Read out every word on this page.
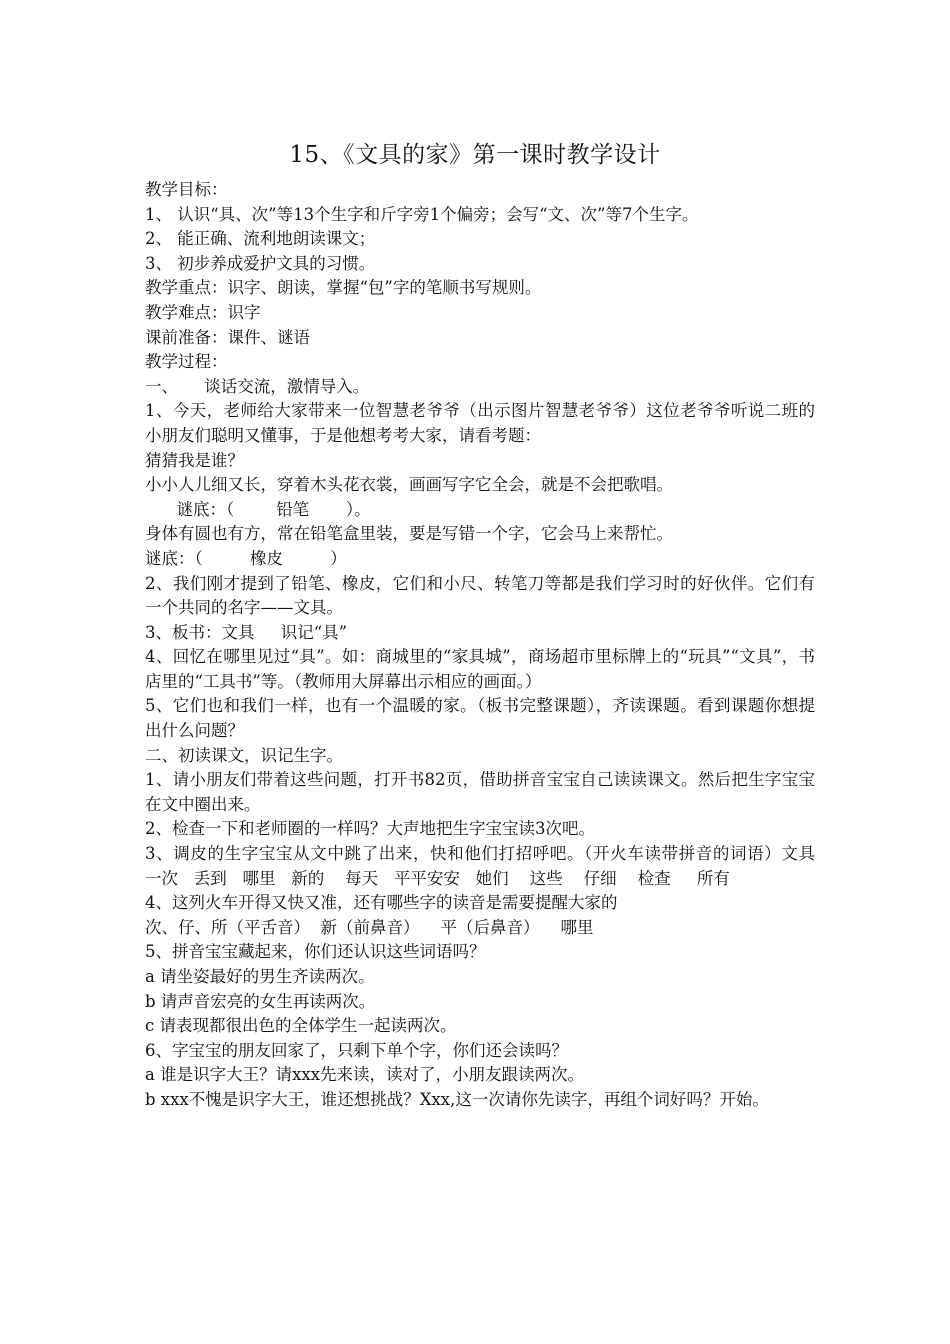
15、《文具的家》第一课时教学设计

教学目标：

1、 认识“具、次”等13个生字和斤字旁1个偏旁；会写“文、次”等7个生字。

2、 能正确、流利地朗读课文；

3、 初步养成爱护文具的习惯。

教学重点：识字、朗读，掌握“包”字的笔顺书写规则。

教学难点：识字

课前准备：课件、谜语

教学过程：

一、     谈话交流，激情导入。

1、今天，老师给大家带来一位智慧老爷爷（出示图片智慧老爷爷）这位老爷爷听说二班的小朋友们聪明又懂事，于是他想考考大家，请看考题：

猜猜我是谁？

小小人儿细又长，穿着木头花衣裳，画画写字它全会，就是不会把歌唱。

谜底：（        铅笔       ）。

身体有圆也有方，常在铅笔盒里装，要是写错一个字，它会马上来帮忙。

谜底：（         橡皮         ）

2、我们刚才提到了铅笔、橡皮，它们和小尺、转笔刀等都是我们学习时的好伙伴。它们有一个共同的名字——文具。

3、板书：文具     识记“具”

4、回忆在哪里见过“具”。如：商城里的“家具城”，商场超市里标牌上的“玩具”“文具”，书店里的“工具书”等。（教师用大屏幕出示相应的画面。）

5、它们也和我们一样，也有一个温暖的家。（板书完整课题），齐读课题。看到课题你想提出什么问题？

二、初读课文，识记生字。

1、请小朋友们带着这些问题，打开书82页，借助拼音宝宝自己读读课文。然后把生字宝宝在文中圈出来。

2、检查一下和老师圈的一样吗？大声地把生字宝宝读3次吧。

3、调皮的生字宝宝从文中跳了出来，快和他们打招呼吧。（开火车读带拼音的词语）文具   一次   丢到   哪里   新的    每天   平平安安   她们    这些    仔细    检查     所有

4、这列火车开得又快又准，还有哪些字的读音是需要提醒大家的

次、仔、所（平舌音）  新（前鼻音）    平（后鼻音）    哪里

5、拼音宝宝藏起来，你们还认识这些词语吗？

a 请坐姿最好的男生齐读两次。

b 请声音宏亮的女生再读两次。

c 请表现都很出色的全体学生一起读两次。

6、字宝宝的朋友回家了，只剩下单个字，你们还会读吗？

a 谁是识字大王？请xxx先来读，读对了，小朋友跟读两次。

b xxx不愧是识字大王，谁还想挑战？Xxx,这一次请你先读字，再组个词好吗？开始。
